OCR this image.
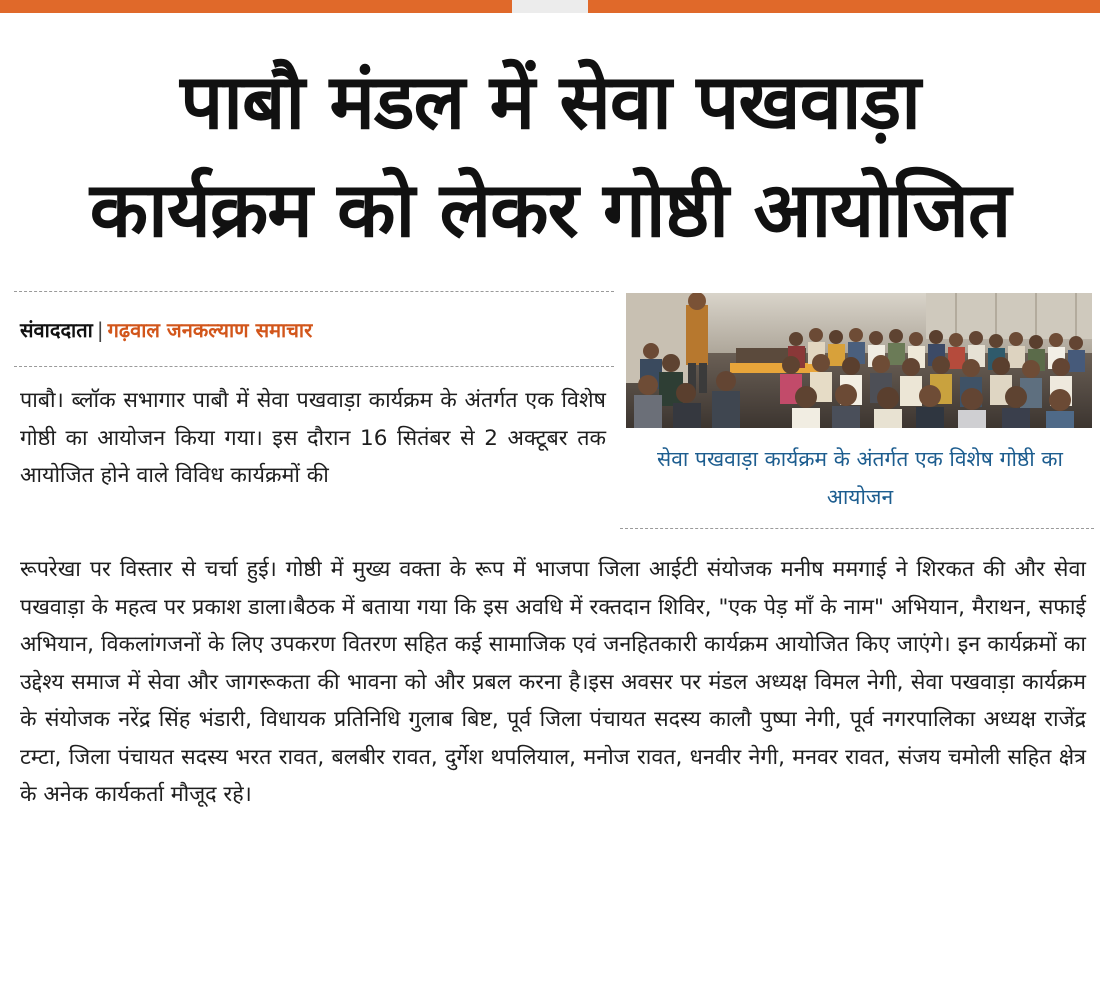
पाबौ मंडल में सेवा पखवाड़ा
कार्यक्रम को लेकर गोष्ठी आयोजित
संवाददाता | गढ़वाल जनकल्याण समाचार
सेवा पखवाड़ा कार्यक्रम के अंतर्गत एक विशेष गोष्ठी का आयोजन

पाबौ। ब्लॉक सभागार पाबौ में सेवा पखवाड़ा कार्यक्रम के अंतर्गत एक विशेष गोष्ठी का आयोजन किया गया। इस दौरान 16 सितंबर से 2 अक्टूबर तक आयोजित होने वाले विविध कार्यक्रमों की

रूपरेखा पर विस्तार से चर्चा हुई। गोष्ठी में मुख्य वक्ता के रूप में भाजपा जिला आईटी संयोजक मनीष ममगाई ने शिरकत की और सेवा पखवाड़ा के महत्व पर प्रकाश डाला।बैठक में बताया गया कि इस अवधि में रक्तदान शिविर, "एक पेड़ माँ के नाम" अभियान, मैराथन, सफाई अभियान, विकलांगजनों के लिए उपकरण वितरण सहित कई सामाजिक एवं जनहितकारी कार्यक्रम आयोजित किए जाएंगे। इन कार्यक्रमों का उद्देश्य समाज में सेवा और जागरूकता की भावना को और प्रबल करना है।इस अवसर पर मंडल अध्यक्ष विमल नेगी, सेवा पखवाड़ा कार्यक्रम के संयोजक नरेंद्र सिंह भंडारी, विधायक प्रतिनिधि गुलाब बिष्ट, पूर्व जिला पंचायत सदस्य कालौ पुष्पा नेगी, पूर्व नगरपालिका अध्यक्ष राजेंद्र टम्टा, जिला पंचायत सदस्य भरत रावत, बलबीर रावत, दुर्गेश थपलियाल, मनोज रावत, धनवीर नेगी, मनवर रावत, संजय चमोली सहित क्षेत्र के अनेक कार्यकर्ता मौजूद रहे।
